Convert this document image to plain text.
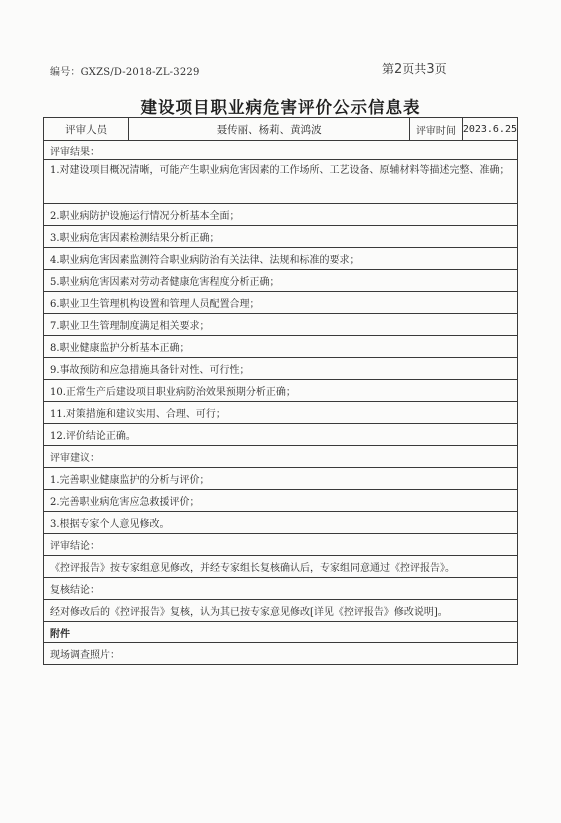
编号：GXZS/D-2018-ZL-3229	第2页共3页
建设项目职业病危害评价公示信息表
评审人员	聂传丽、杨莉、黄鸿波	评审时间 2023.6.25
评审结果：
1.对建设项目概况清晰，可能产生职业病危害因素的工作场所、工艺设备、原辅材料等描述完整、准确；
2.职业病防护设施运行情况分析基本全面；
3.职业病危害因素检测结果分析正确；
4.职业病危害因素监测符合职业病防治有关法律、法规和标准的要求；
5.职业病危害因素对劳动者健康危害程度分析正确；
6.职业卫生管理机构设置和管理人员配置合理；
7.职业卫生管理制度满足相关要求；
8.职业健康监护分析基本正确；
9.事故预防和应急措施具备针对性、可行性；
10.正常生产后建设项目职业病防治效果预期分析正确；
11.对策措施和建议实用、合理、可行；
12.评价结论正确。
评审建议：
1.完善职业健康监护的分析与评价；
2.完善职业病危害应急救援评价；
3.根据专家个人意见修改。
评审结论：
《控评报告》按专家组意见修改，并经专家组长复核确认后，专家组同意通过《控评报告》。
复核结论：
经对修改后的《控评报告》复核，认为其已按专家意见修改[详见《控评报告》修改说明]。
附件
现场调查照片：
